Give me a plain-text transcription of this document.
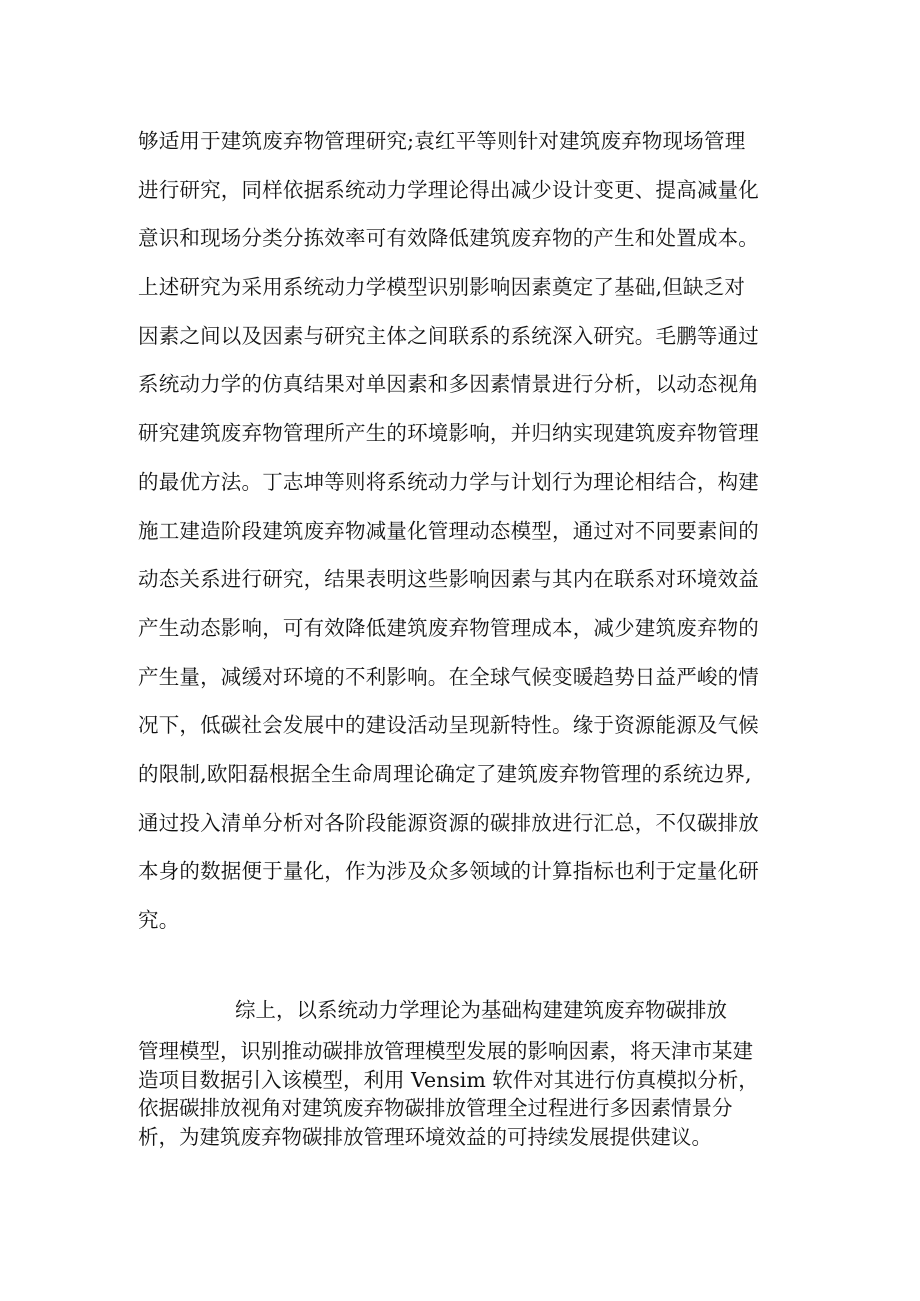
够适用于建筑废弃物管理研究;袁红平等则针对建筑废弃物现场管理
进行研究，同样依据系统动力学理论得出减少设计变更、提高减量化
意识和现场分类分拣效率可有效降低建筑废弃物的产生和处置成本。
上述研究为采用系统动力学模型识别影响因素奠定了基础,但缺乏对
因素之间以及因素与研究主体之间联系的系统深入研究。毛鹏等通过
系统动力学的仿真结果对单因素和多因素情景进行分析，以动态视角
研究建筑废弃物管理所产生的环境影响，并归纳实现建筑废弃物管理
的最优方法。丁志坤等则将系统动力学与计划行为理论相结合，构建
施工建造阶段建筑废弃物减量化管理动态模型，通过对不同要素间的
动态关系进行研究，结果表明这些影响因素与其内在联系对环境效益
产生动态影响，可有效降低建筑废弃物管理成本，减少建筑废弃物的
产生量，减缓对环境的不利影响。在全球气候变暖趋势日益严峻的情
况下，低碳社会发展中的建设活动呈现新特性。缘于资源能源及气候
的限制,欧阳磊根据全生命周理论确定了建筑废弃物管理的系统边界,
通过投入清单分析对各阶段能源资源的碳排放进行汇总，不仅碳排放
本身的数据便于量化，作为涉及众多领域的计算指标也利于定量化研
究。

综上，以系统动力学理论为基础构建建筑废弃物碳排放

管理模型，识别推动碳排放管理模型发展的影响因素，将天津市某建
造项目数据引入该模型，利用 Vensim 软件对其进行仿真模拟分析，
依据碳排放视角对建筑废弃物碳排放管理全过程进行多因素情景分
析，为建筑废弃物碳排放管理环境效益的可持续发展提供建议。
